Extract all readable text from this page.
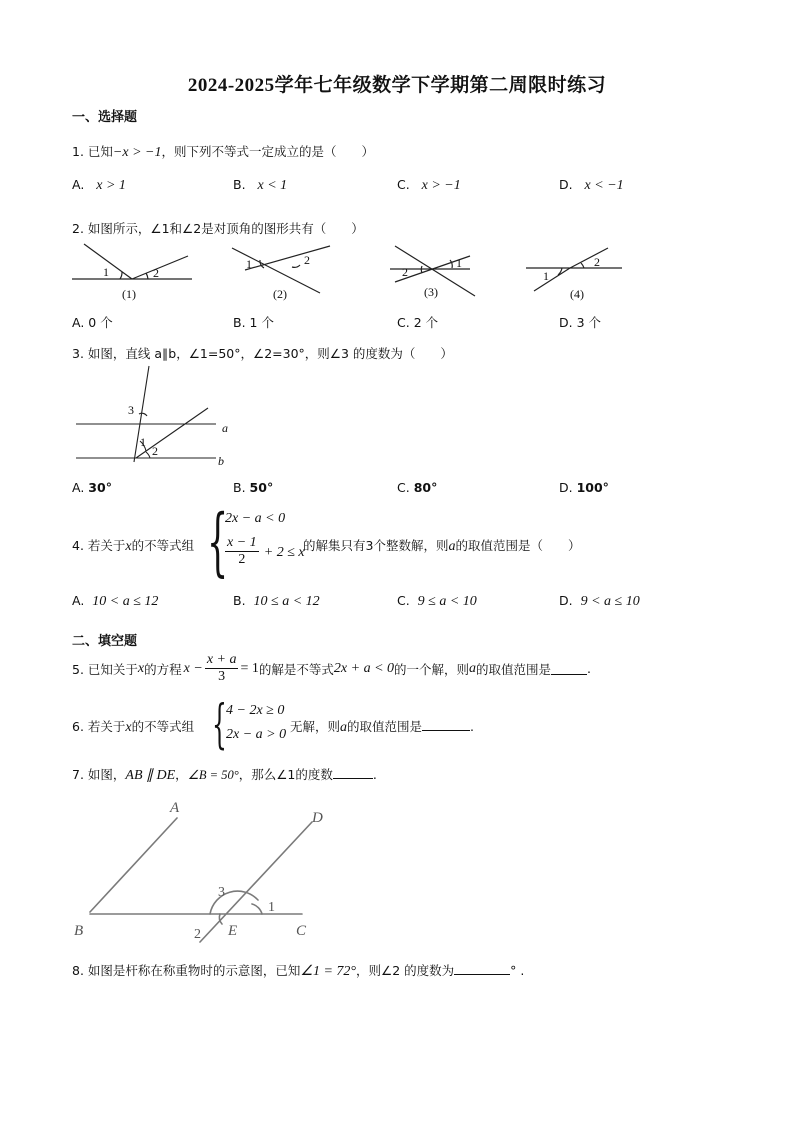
2024-2025学年七年级数学下学期第二周限时练习
一、选择题
1. 已知−x > −1，则下列不等式一定成立的是（　　）
A. x > 1	B. x < 1	C. x > −1	D. x < −1
2. 如图所示，∠1和∠2是对顶角的图形共有（　　）
1	2
(1)
1	2
(2)
2
1
(3)
1
2
(4)
A. 0 个	B. 1 个	C. 2 个	D. 3 个
3. 如图，直线 a∥b，∠1=50°，∠2=30°，则∠3 的度数为（　　）
3
1
2
a
b
A. 30°	B. 50°	C. 80°	D. 100°
4. 若关于x的不等式组 {
2x − a < 0
$\frac{x - 1}{2} + 2 \le x$
的解集只有3个整数解，则a的取值范围是（　　）
A. 10 < a ≤ 12	B. 10 ≤ a < 12	C. 9 ≤ a < 10	D. 9 < a ≤ 10
二、填空题
5. 已知关于 x 的方程 $x - \frac{x + a}{3} = 1$ 的解是不等式 2x + a < 0 的一个解，则 a 的取值范围是	.
6. 若关于x的不等式组 { 4 − 2x ≥ 0
2x − a > 0
无解，则a的取值范围是	.
7. 如图，AB ∥ DE，∠B = 50°，那么∠1的度数	.
A
B	C
D
E
1
2
3
8. 如图是杆称在称重物时的示意图，已知∠1 = 72°，则∠2 的度数为	° .
